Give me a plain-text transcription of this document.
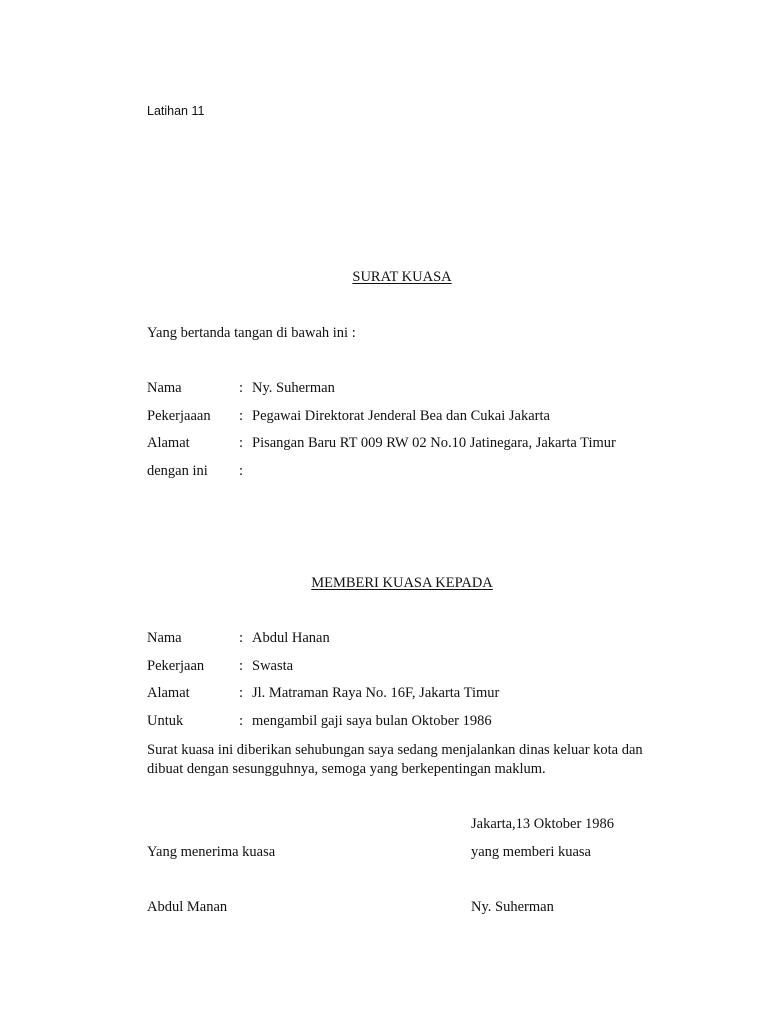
Latihan 11
SURAT KUASA
Yang bertanda tangan di bawah ini :
Nama	: Ny. Suherman
Pekerjaaan : Pegawai Direktorat Jenderal Bea dan Cukai Jakarta
Alamat	: Pisangan Baru RT 009 RW 02 No.10 Jatinegara, Jakarta Timur
dengan ini :
MEMBERI KUASA KEPADA
Nama	: Abdul Hanan
Pekerjaan : Swasta
Alamat	: Jl. Matraman Raya No. 16F, Jakarta Timur
Untuk	: mengambil gaji saya bulan Oktober 1986
Surat kuasa ini diberikan sehubungan saya sedang menjalankan dinas keluar kota dan dibuat dengan sesungguhnya, semoga yang berkepentingan maklum.
Jakarta,13 Oktober 1986
Yang menerima kuasa	yang memberi kuasa
Abdul Manan	Ny. Suherman
